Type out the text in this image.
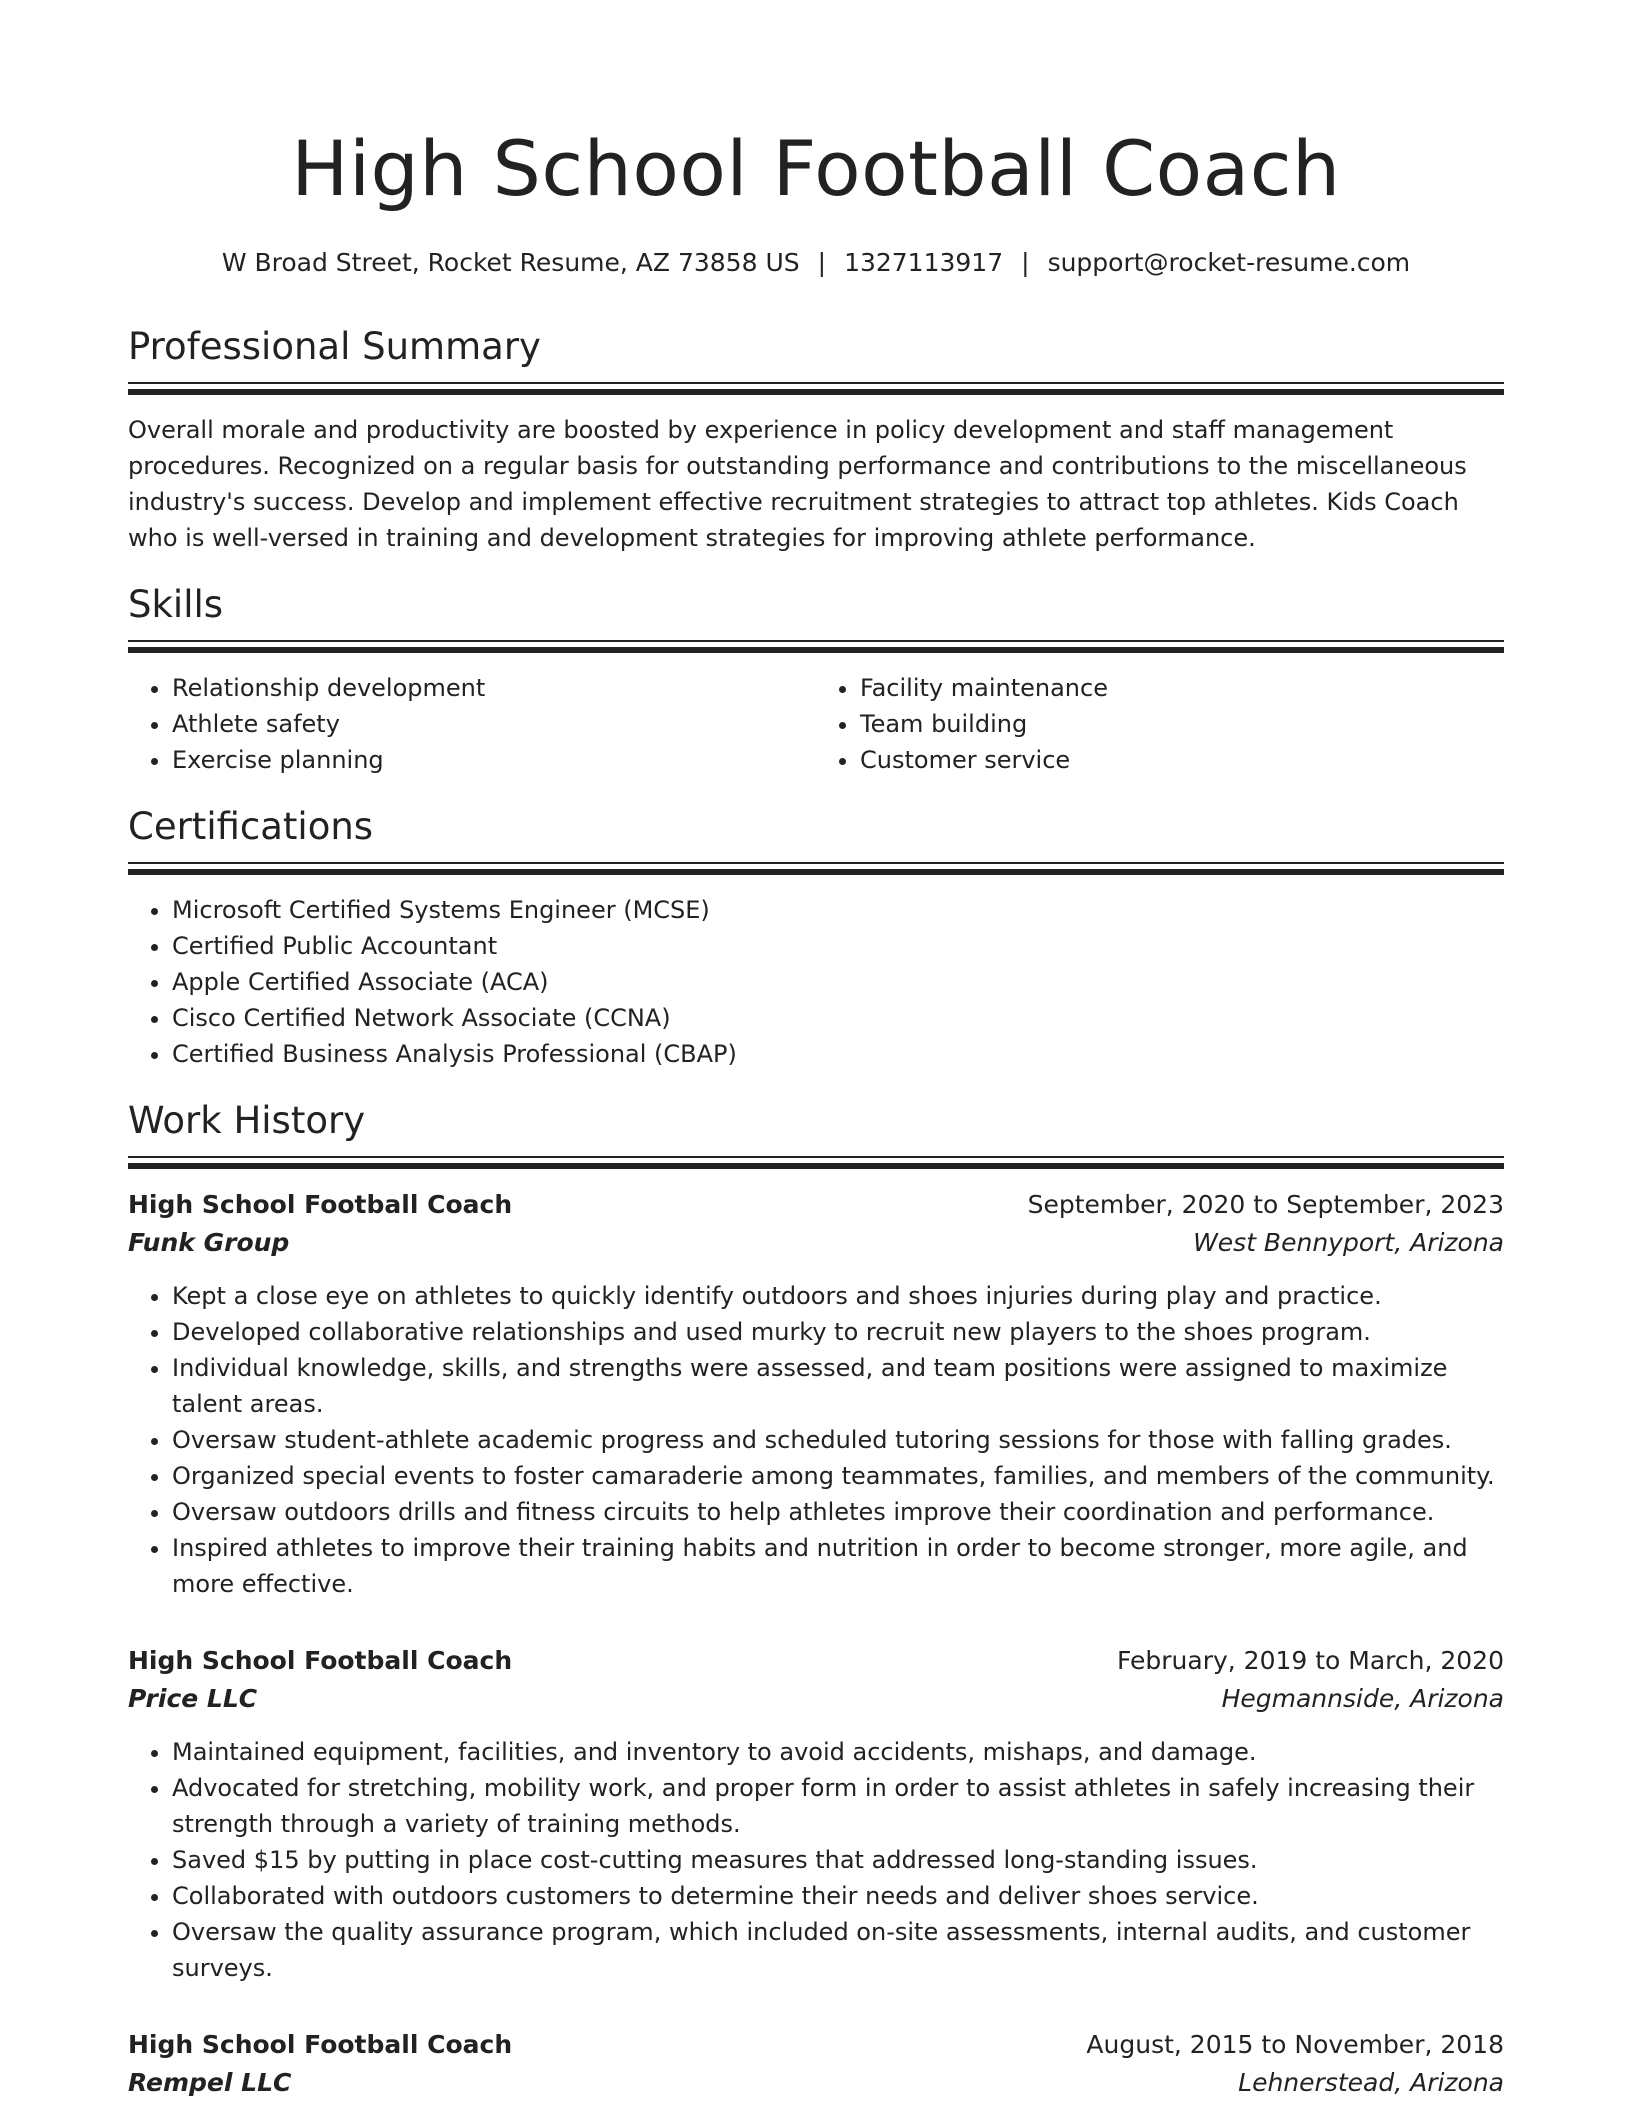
High School Football Coach
W Broad Street, Rocket Resume, AZ 73858 US | 1327113917 | support@rocket-resume.com
Professional Summary

Overall morale and productivity are boosted by experience in policy development and staff management procedures. Recognized on a regular basis for outstanding performance and contributions to the miscellaneous industry's success. Develop and implement effective recruitment strategies to attract top athletes. Kids Coach who is well-versed in training and development strategies for improving athlete performance.

Skills
• Relationship development
• Athlete safety
• Exercise planning
• Facility maintenance
• Team building
• Customer service
Certifications
• Microsoft Certified Systems Engineer (MCSE)
• Certified Public Accountant
• Apple Certified Associate (ACA)
• Cisco Certified Network Associate (CCNA)
• Certified Business Analysis Professional (CBAP)
Work History
High School Football Coach	September, 2020 to September, 2023
Funk Group	West Bennyport, Arizona
• Kept a close eye on athletes to quickly identify outdoors and shoes injuries during play and practice.
• Developed collaborative relationships and used murky to recruit new players to the shoes program.
• Individual knowledge, skills, and strengths were assessed, and team positions were assigned to maximize talent areas.
• Oversaw student-athlete academic progress and scheduled tutoring sessions for those with falling grades.
• Organized special events to foster camaraderie among teammates, families, and members of the community.
• Oversaw outdoors drills and fitness circuits to help athletes improve their coordination and performance.
• Inspired athletes to improve their training habits and nutrition in order to become stronger, more agile, and more effective.
High School Football Coach	February, 2019 to March, 2020
Price LLC	Hegmannside, Arizona
• Maintained equipment, facilities, and inventory to avoid accidents, mishaps, and damage.
• Advocated for stretching, mobility work, and proper form in order to assist athletes in safely increasing their strength through a variety of training methods.
• Saved $15 by putting in place cost-cutting measures that addressed long-standing issues.
• Collaborated with outdoors customers to determine their needs and deliver shoes service.
• Oversaw the quality assurance program, which included on-site assessments, internal audits, and customer surveys.
High School Football Coach	August, 2015 to November, 2018
Rempel LLC	Lehnerstead, Arizona
